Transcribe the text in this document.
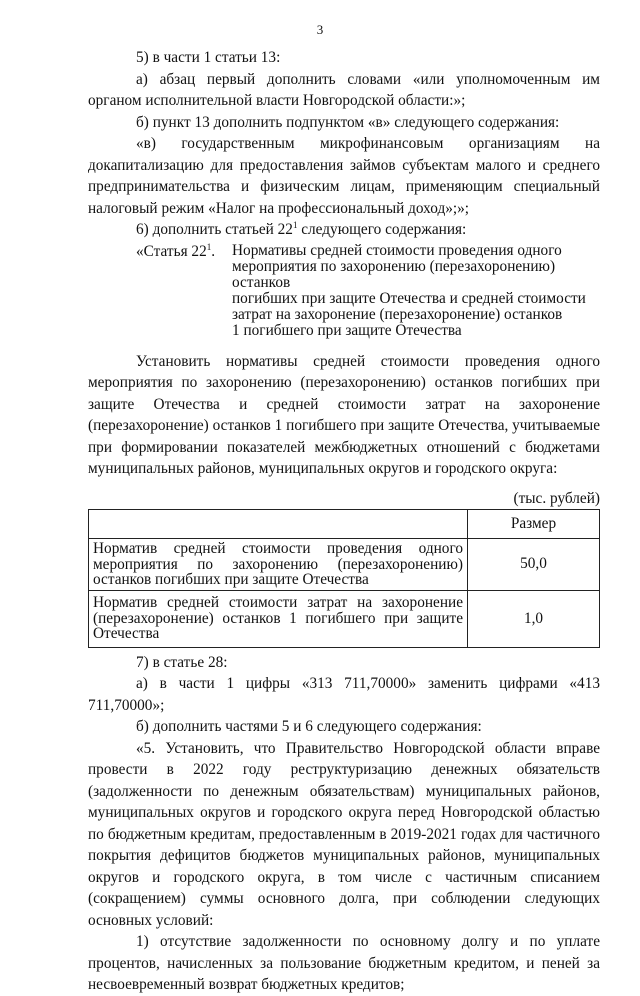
3

5) в части 1 статьи 13:

а) абзац первый дополнить словами «или уполномоченным им органом исполнительной власти Новгородской области:»;

б) пункт 13 дополнить подпунктом «в» следующего содержания:

«в) государственным микрофинансовым организациям на докапитализацию для предоставления займов субъектам малого и среднего предпринимательства и физическим лицам, применяющим специальный налоговый режим «Налог на профессиональный доход»;»;

6) дополнить статьей $22^1$ следующего содержания:

«Статья $22^1$.	Нормативы средней стоимости проведения одного
мероприятия по захоронению (перезахоронению) останков
погибших при защите Отечества и средней стоимости
затрат на захоронение (перезахоронение) останков
1 погибшего при защите Отечества

Установить нормативы средней стоимости проведения одного мероприятия по захоронению (перезахоронению) останков погибших при защите Отечества и средней стоимости затрат на захоронение (перезахоронение) останков 1 погибшего при защите Отечества, учитываемые при формировании показателей межбюджетных отношений с бюджетами муниципальных районов, муниципальных округов и городского округа:

(тыс. рублей)
	Размер
Норматив средней стоимости проведения одного мероприятия по захоронению (перезахоронению) останков погибших при защите Отечества	50,0
Норматив средней стоимости затрат на захоронение (перезахоронение) останков 1 погибшего при защите Отечества	1,0

7) в статье 28:

а) в части 1 цифры «313 711,70000» заменить цифрами «413 711,70000»;

б) дополнить частями 5 и 6 следующего содержания:

«5. Установить, что Правительство Новгородской области вправе провести в 2022 году реструктуризацию денежных обязательств (задолженности по денежным обязательствам) муниципальных районов, муниципальных округов и городского округа перед Новгородской областью по бюджетным кредитам, предоставленным в 2019-2021 годах для частичного покрытия дефицитов бюджетов муниципальных районов, муниципальных округов и городского округа, в том числе с частичным списанием (сокращением) суммы основного долга, при соблюдении следующих основных условий:

1) отсутствие задолженности по основному долгу и по уплате процентов, начисленных за пользование бюджетным кредитом, и пеней за несвоевременный возврат бюджетных кредитов;
